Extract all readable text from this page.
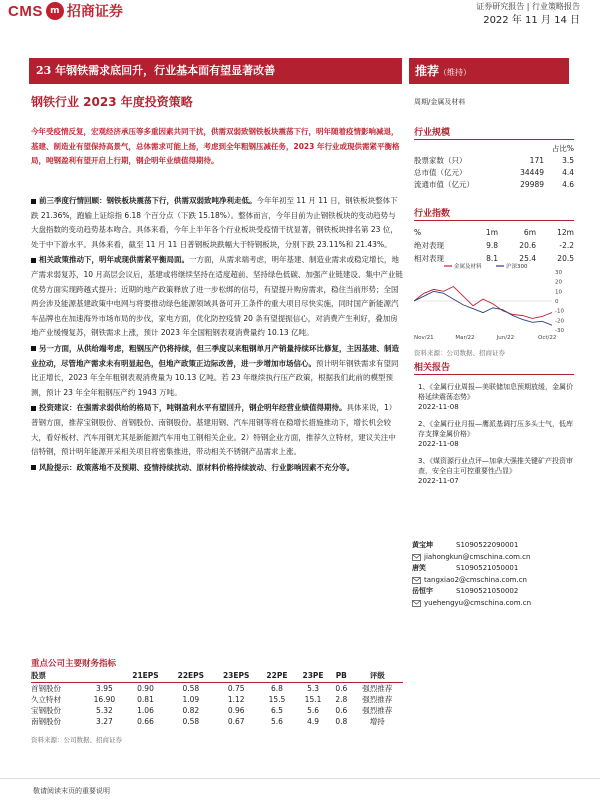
CMS m 招商证券	证券研究报告 | 行业策略报告
2022 年 11 月 14 日
23 年钢铁需求底回升，行业基本面有望显著改善	推荐（维持）
钢铁行业 2023 年度投资策略	周期/金属及材料
今年受疫情反复，宏观经济承压等多重因素共同干扰，供需双弱致钢铁板块震荡下行，明年随着疫情影响减退，基建、制造业有望保持高景气，总体需求可能上扬，考虑到全年粗钢压减任务，2023 年行业或现供需紧平衡格局，吨钢盈利有望开启上行期，钢企明年业绩值得期待。

前三季度行情回顾：钢铁板块震荡下行，供需双弱致吨净利走低。今年年初至 11 月 11 日，钢铁板块整体下跌 21.36%，跑输上证综指 6.18 个百分点（下跌 15.18%）。整体而言，今年目前为止钢铁板块的变动趋势与大盘指数的变动趋势基本吻合。具体来看，今年上半年各个行业板块受疫情干扰显著，钢铁板块排名第 23 位，处于中下游水平。具体来看，截至 11 月 11 日普钢板块跌幅大于特钢板块，分别下跌 23.11%和 21.43%。

相关政策推动下，明年或现供需紧平衡局面。一方面，从需求端考虑，明年基建、制造业需求或稳定增长，地产需求弱复苏，10 月高层会议后，基建或将继续坚持在适度超前、坚持绿色低碳、加强产业链建设、集中产业链优势方面实现跨越式提升；近期的地产政策释放了进一步松绑的信号，有望提升购房需求，稳住当前形势；全国两会涉及能源基建政策中电网与将要推动绿色能源领域具备可开工条件的重大项目尽快实施，同时国产新能源汽车品牌也在加速海外市场布局的步伐，家电方面，优化防控疫情 20 条有望提振信心，对消费产生利好，叠加房地产业缓慢复苏，钢铁需求上涨，预计 2023 年全国粗钢表观消费量约 10.13 亿吨。

另一方面，从供给端考虑，粗钢压产仍将持续，但三季度以来粗钢单月产销量持续环比修复，主因基建、制造业拉动，尽管地产需求未有明显起色，但地产政策正边际改善，进一步增加市场信心。预计明年钢铁需求有望同比正增长，2023 年全年粗钢表观消费量为 10.13 亿吨。若 23 年继续执行压产政策，根据我们此前的模型预测，预计 23 年全年粗钢压产约 1943 万吨。

投资建议：在强需求弱供给的格局下，吨钢盈利水平有望回升，钢企明年经营业绩值得期待。具体来说，1）普钢方面，推荐宝钢股份、首钢股份、南钢股份。基建用钢、汽车用钢等将在稳增长措施推动下，增长机会较大，看好板材、汽车用钢尤其是新能源汽车用电工钢相关企业。2）特钢企业方面，推荐久立特材，建议关注中信特钢，预计明年能源开采相关项目将密集推进，带动相关不锈钢产品需求上涨。

风险提示：政策落地不及预期、疫情持续扰动、原材料价格持续波动、行业影响因素不充分等。

行业规模
占比%
股票家数（只）	171	3.5
总市值（亿元）	34449	4.4
流通市值（亿元）	29989	4.6
行业指数
%	1m	6m	12m
绝对表现	9.8	20.6	-2.2
相对表现	8.1	25.4	20.5
30
20
10
0
-10
-20
-30
Nov/21	Mar/22	Jun/22	Oct/22
金属及材料	沪深300
资料来源：公司数据、招商证券
相关报告
1、《金属行业周报—美联储加息预期放缓，金属价格延续震荡态势》
2022-11-08
2、《金属行业月报—鹰派基调打压多头士气，低库存支撑金属价格》
2022-11-08
3、《煤资源行业点评—加拿大强推关键矿产投资审查，安全自主可控重要性凸显》
2022-11-07
黄宝坤	S1090522090001
jiahongkun@cmschina.com.cn
唐笑	S1090521050001
tangxiao2@cmschina.com.cn
岳恒宇	S1090521050002
yuehengyu@cmschina.com.cn
重点公司主要财务指标
股票		21EPS	22EPS	23EPS	22PE	23PE	PB	评级
首钢股份	3.95	0.90	0.58	0.75	6.8	5.3	0.6	强烈推荐
久立特材	16.90	0.81	1.09	1.12	15.5	15.1	2.8	强烈推荐
宝钢股份	5.32	1.06	0.82	0.96	6.5	5.6	0.6	强烈推荐
南钢股份	3.27	0.66	0.58	0.67	5.6	4.9	0.8	增持
资料来源：公司数据、招商证券
敬请阅读末页的重要说明
